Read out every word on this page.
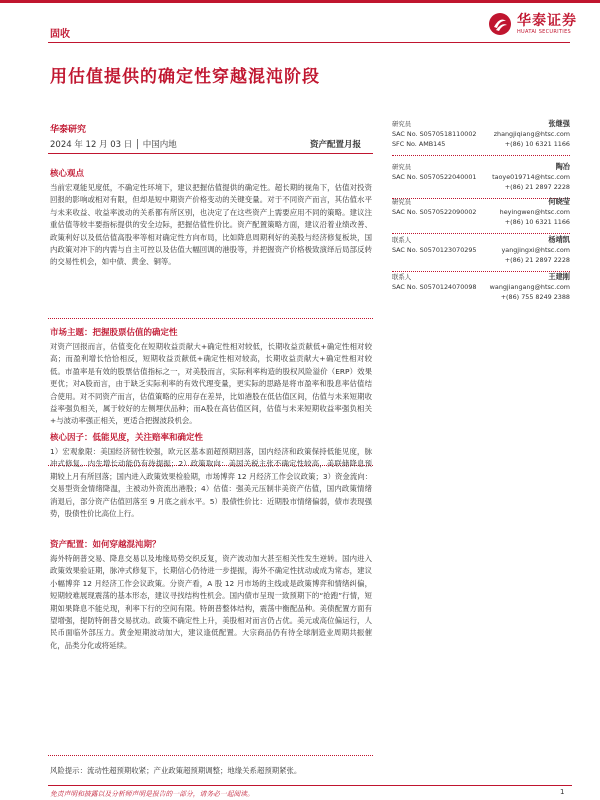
固收
华泰证券
HUATAI SECURITIES
用估值提供的确定性穿越混沌阶段
华泰研究
2024 年 12 月 03 日 │ 中国内地	资产配置月报
核心观点
当前宏观能见度低，不确定性环境下，建议把握估值提供的确定性。超长期的视角下，估值对投资回报的影响或相对有限，但却是短中期资产价格变动的关键变量。对于不同资产而言，其估值水平与未来收益、收益率波动的关系都有所区别，也决定了在这些资产上需要应用不同的策略。建议注重估值等较丰要指标提供的安全边际，把握估值性价比。资产配置策略方面，建议沿着业绩改善、政策利好以及低估值高股率等相对确定性方向布局，比如降息周期利好的美股与经济修复板块，国内政策对冲下的内需与自主可控以及估值大幅回调的港股等，并把握资产价格极致演绎后局部反转的交易性机会，如中债、黄金、铜等。
市场主题：把握股票估值的确定性
对资产回报而言，估值变化在短期收益贡献大+确定性相对较低，长期收益贡献低+确定性相对较高；而盈利增长恰恰相反，短期收益贡献低+确定性相对较高，长期收益贡献大+确定性相对较低。市盈率是有效的股票估值指标之一，对美股而言，实际利率构造的股权风险溢价（ERP）效果更优；对A股而言，由于缺乏实际利率的有效代理变量，更实际的思路是将市盈率和股息率估值结合使用。对不同资产而言，估值策略的应用存在差异，比如港股在低估值区间，估值与未来短期收益率强负相关，属于较好的左侧埋伏品种；而A股在高估值区间，估值与未来短期收益率强负相关+与波动率强正相关，更适合把握波段机会。
核心因子：低能见度，关注赔率和确定性
1）宏观象限：美国经济韧性较强，欧元区基本面超预期回落，国内经济和政策保持低能见度，脉冲式修复。内生增长动能仍有待提振；2）政策取向：美国关税主张不确定性较高，美联储降息预期较上月有所回落；国内进入政策效果检验期，市场博弈 12 月经济工作会议政策；3）资金流向：交易型资金情绪降温，主被动外资流出港股；4）估值：强美元压制非美资产估值，国内政策情绪消退后，部分资产估值回落至 9 月底之前水平。5）股债性价比：近期股市情绪偏弱，债市表现强势，股债性价比高位上行。
资产配置：如何穿越混沌期？
海外特朗普交易、降息交易以及地缘局势交织反复，资产波动加大甚至相关性发生逆转。国内进入政策效果验证期，脉冲式修复下，长期信心仍待进一步提振，海外不确定性扰动或成为常态，建议小幅博弈 12 月经济工作会议政策。分资产看，A 股 12 月市场的主线或是政策博弈和情绪纠偏，短期较难展现震荡的基本形态，建议寻找结构性机会。国内债市呈现一致预期下的“抢跑”行情，短期如果降息不能兑现，利率下行的空间有限。特朗普整体结构，震荡中衡配品种。美债配置方面有望增强，提防特朗普交易扰动。政策不确定性上升，美股相对而言仍占优。美元或高位偏运行，人民币面临外部压力。黄金短期波动加大，建议逢低配置。大宗商品仍有待全球制造业周期共振催化，品类分化或将延续。
风险提示：流动性超预期收紧；产业政策超预期调整；地缘关系超预期紧张。
研究员	张继强
SAC No. S0570518110002	zhangjiqiang@htsc.com
SFC No. AMB145	+(86) 10 6321 1166
研究员	陶冶
SAC No. S0570522040001 taoye019714@htsc.com
+(86) 21 2897 2228
研究员	何晓莹
SAC No. S0570522090002	heyingwen@htsc.com
+(86) 10 6321 1166
联系人	杨靖凯
SAC No. S0570123070295	yangjingxi@htsc.com
+(86) 21 2897 2228
联系人	王建刚
SAC No. S0570124070098 wangjiangang@htsc.com
+(86) 755 8249 2388
免责声明和披露以及分析师声明是报告的一部分，请务必一起阅读。	1
